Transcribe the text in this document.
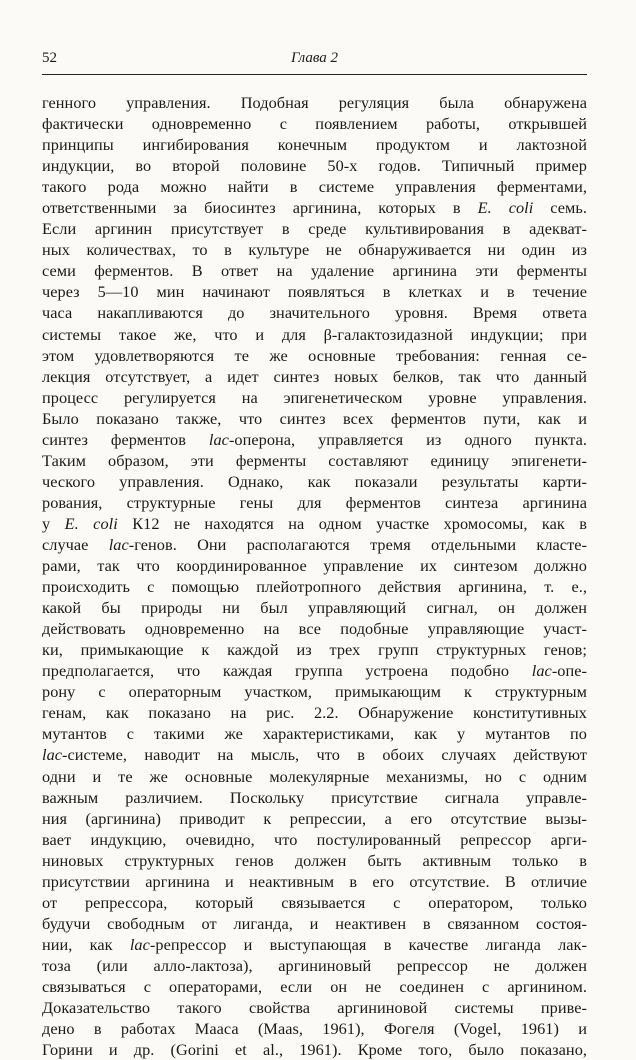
52	Глава 2
генного управления. Подобная регуляция была обнаружена
фактически одновременно с появлением работы, открывшей
принципы ингибирования конечным продуктом и лактозной
индукции, во второй половине 50-х годов. Типичный пример
такого рода можно найти в системе управления ферментами,
ответственными за биосинтез аргинина, которых в E. coli семь.
Если аргинин присутствует в среде культивирования в адекват-
ных количествах, то в культуре не обнаруживается ни один из
семи ферментов. В ответ на удаление аргинина эти ферменты
через 5—10 мин начинают появляться в клетках и в течение
часа накапливаются до значительного уровня. Время ответа
системы такое же, что и для β-галактозидазной индукции; при
этом удовлетворяются те же основные требования: генная се-
лекция отсутствует, а идет синтез новых белков, так что данный
процесс регулируется на эпигенетическом уровне управления.
Было показано также, что синтез всех ферментов пути, как и
синтез ферментов lac-оперона, управляется из одного пункта.
Таким образом, эти ферменты составляют единицу эпигенети-
ческого управления. Однако, как показали результаты карти-
рования, структурные гены для ферментов синтеза аргинина
у E. coli К12 не находятся на одном участке хромосомы, как в
случае lac-генов. Они располагаются тремя отдельными класте-
рами, так что координированное управление их синтезом должно
происходить с помощью плейотропного действия аргинина, т. е.,
какой бы природы ни был управляющий сигнал, он должен
действовать одновременно на все подобные управляющие участ-
ки, примыкающие к каждой из трех групп структурных генов;
предполагается, что каждая группа устроена подобно lac-опе-
рону с операторным участком, примыкающим к структурным
генам, как показано на рис. 2.2. Обнаружение конститутивных
мутантов с такими же характеристиками, как у мутантов по
lac-системе, наводит на мысль, что в обоих случаях действуют
одни и те же основные молекулярные механизмы, но с одним
важным различием. Поскольку присутствие сигнала управле-
ния (аргинина) приводит к репрессии, а его отсутствие вызы-
вает индукцию, очевидно, что постулированный репрессор арги-
ниновых структурных генов должен быть активным только в
присутствии аргинина и неактивным в его отсутствие. В отличие
от репрессора, который связывается с оператором, только
будучи свободным от лиганда, и неактивен в связанном состоя-
нии, как lac-репрессор и выступающая в качестве лиганда лак-
тоза (или алло-лактоза), аргининовый репрессор не должен
связываться с операторами, если он не соединен с аргинином.
Доказательство такого свойства аргининовой системы приве-
дено в работах Мааса (Maas, 1961), Фогеля (Vogel, 1961) и
Горини и др. (Gorini et al., 1961). Кроме того, было показано,
